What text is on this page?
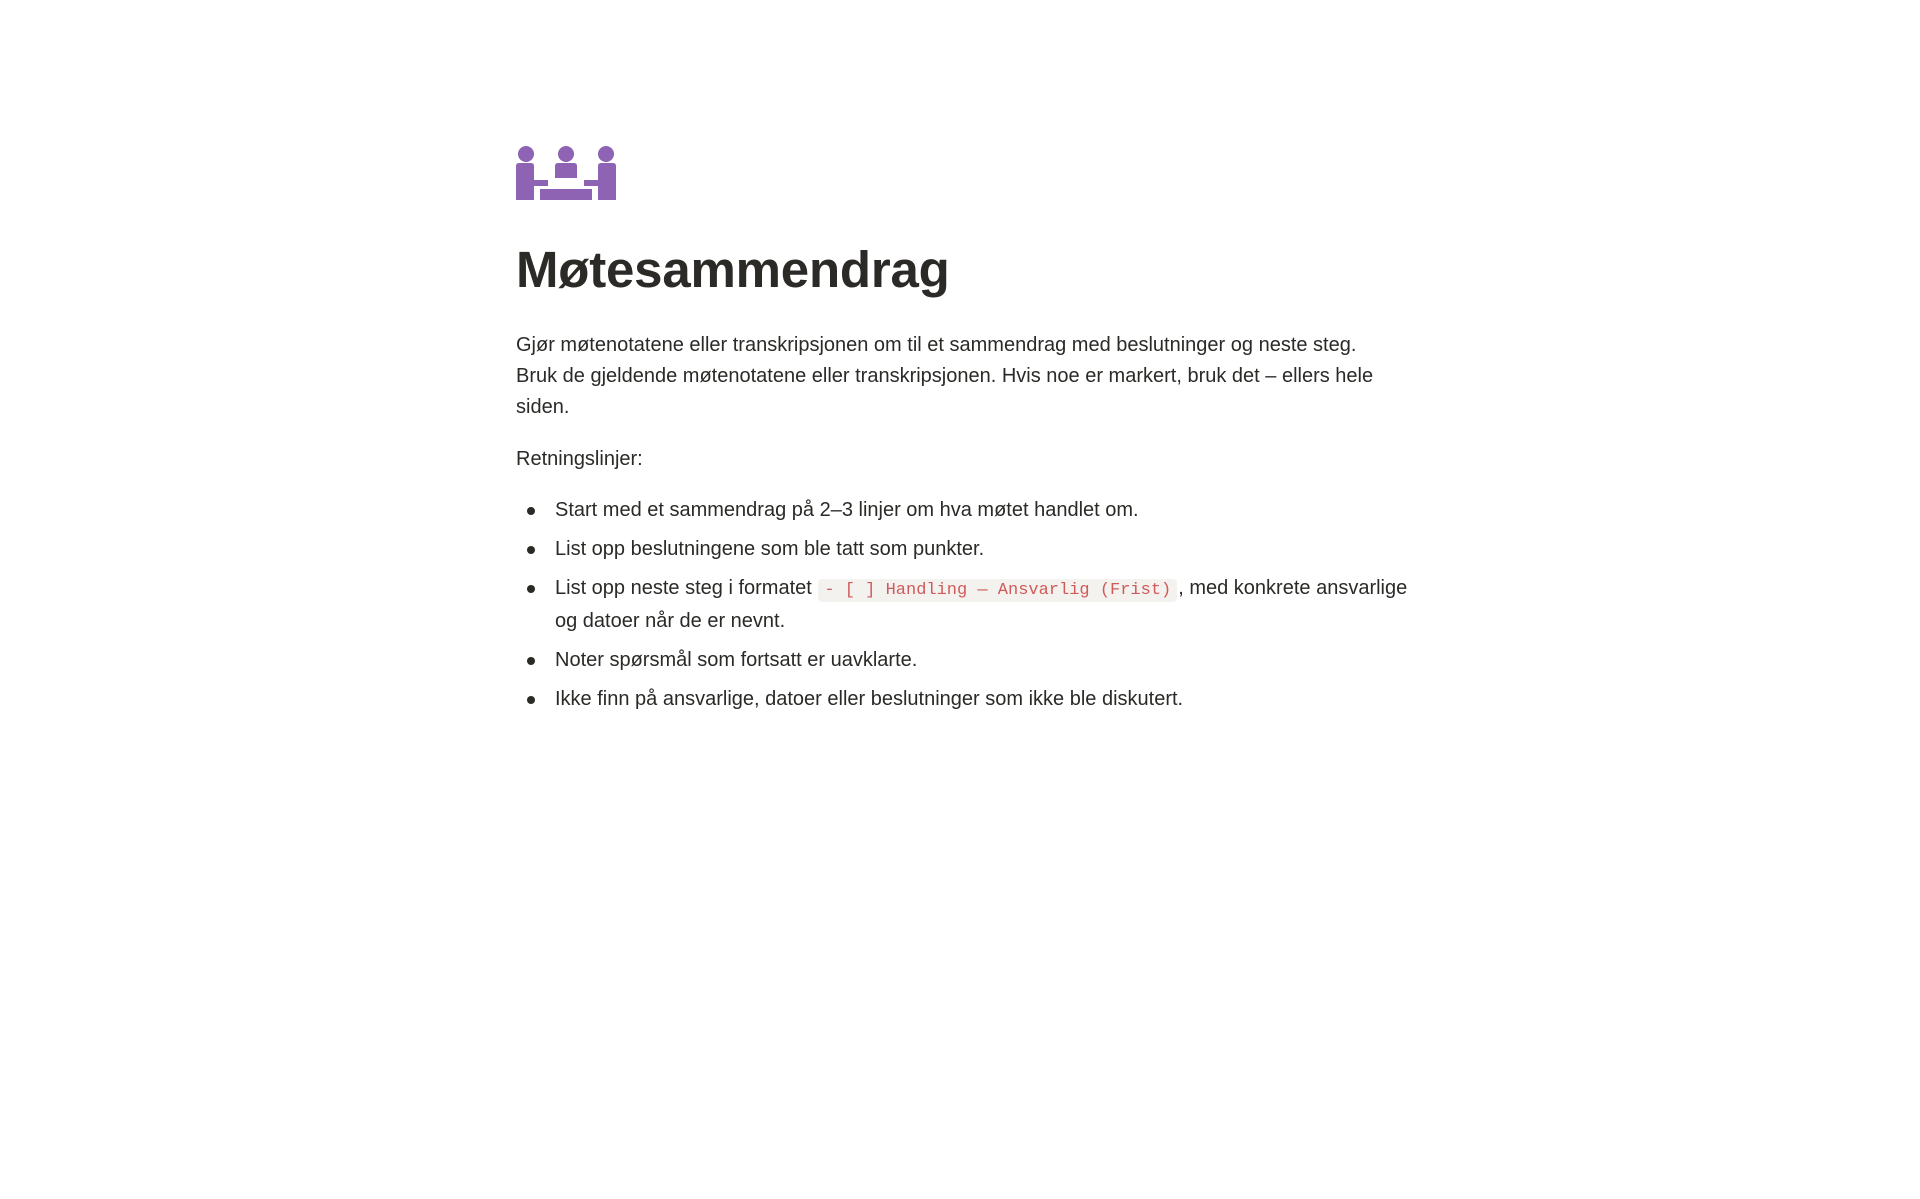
Møtesammendrag

Gjør møtenotatene eller transkripsjonen om til et sammendrag med beslutninger og neste steg.
Bruk de gjeldende møtenotatene eller transkripsjonen. Hvis noe er markert, bruk det – ellers hele siden.

Retningslinjer:

Start med et sammendrag på 2–3 linjer om hva møtet handlet om.
List opp beslutningene som ble tatt som punkter.
List opp neste steg i formatet - [ ] Handling — Ansvarlig (Frist) , med konkrete ansvarlige og datoer når de er nevnt.
Noter spørsmål som fortsatt er uavklarte.
Ikke finn på ansvarlige, datoer eller beslutninger som ikke ble diskutert.
